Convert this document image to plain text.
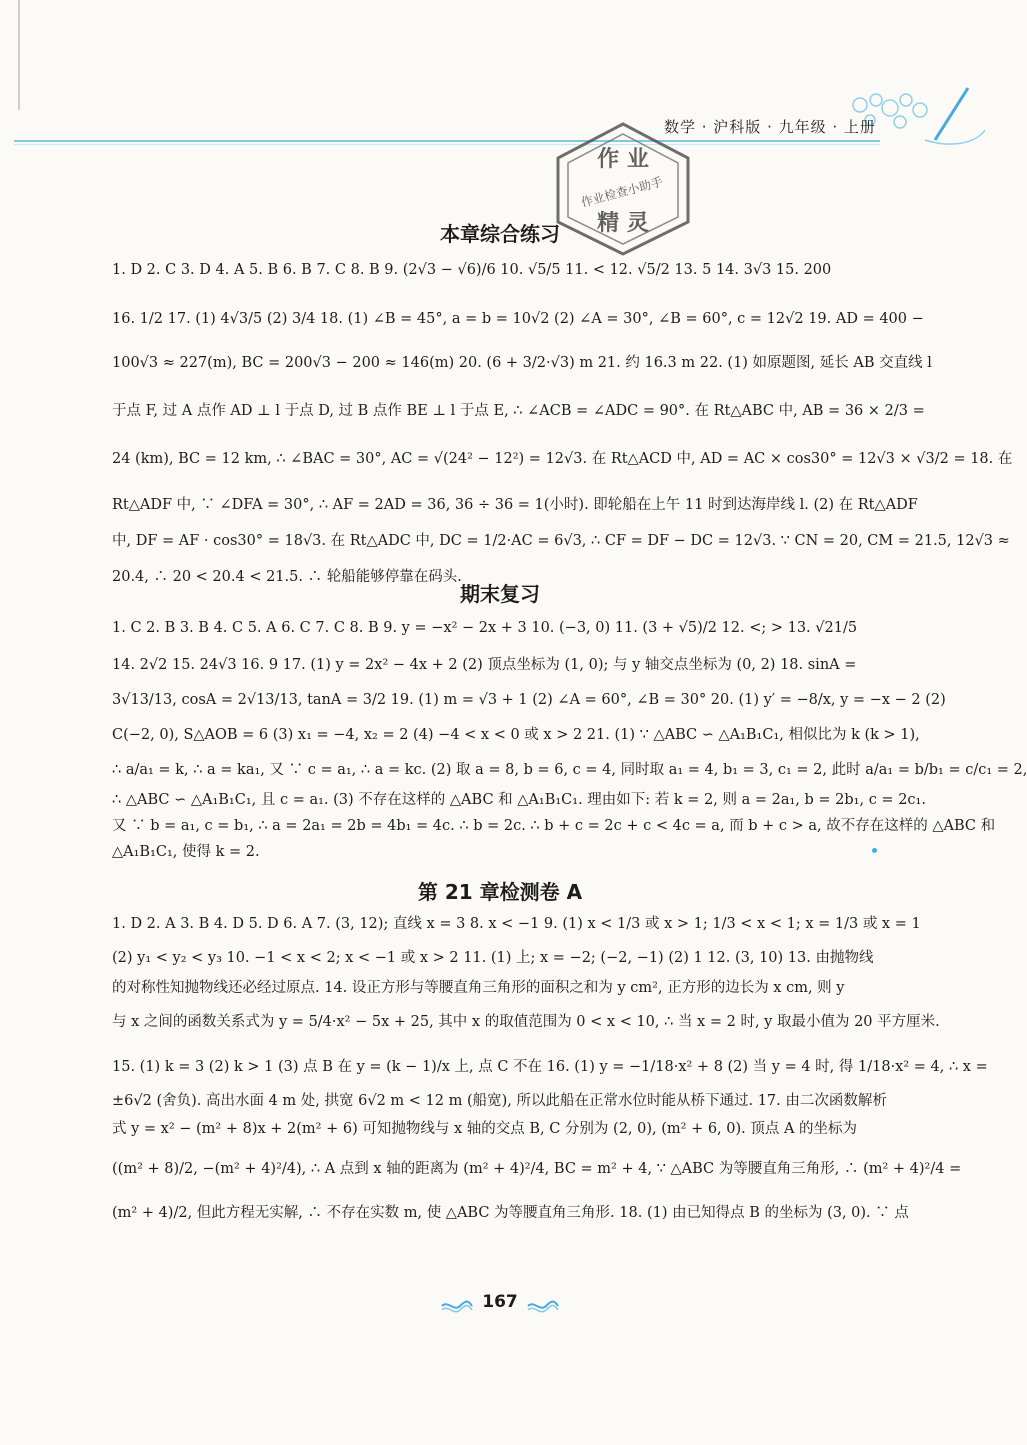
数学 · 沪科版 · 九年级 · 上册
作 业
作业检查小助手
精 灵
本章综合练习
1. D 2. C 3. D 4. A 5. B 6. B 7. C 8. B 9. (2√3 − √6)/6 10. √5/5 11. < 12. √5/2 13. 5 14. 3√3 15. 200
16. 1/2 17. (1) 4√3/5 (2) 3/4 18. (1) ∠B = 45°, a = b = 10√2 (2) ∠A = 30°, ∠B = 60°, c = 12√2 19. AD = 400 −
100√3 ≈ 227(m), BC = 200√3 − 200 ≈ 146(m) 20. (6 + 3/2·√3) m 21. 约 16.3 m 22. (1) 如原题图, 延长 AB 交直线 l
于点 F, 过 A 点作 AD ⊥ l 于点 D, 过 B 点作 BE ⊥ l 于点 E, ∴ ∠ACB = ∠ADC = 90°. 在 Rt△ABC 中, AB = 36 × 2/3 =
24 (km), BC = 12 km, ∴ ∠BAC = 30°, AC = √(24² − 12²) = 12√3. 在 Rt△ACD 中, AD = AC × cos30° = 12√3 × √3/2 = 18. 在
Rt△ADF 中, ∵ ∠DFA = 30°, ∴ AF = 2AD = 36, 36 ÷ 36 = 1(小时). 即轮船在上午 11 时到达海岸线 l. (2) 在 Rt△ADF
中, DF = AF · cos30° = 18√3. 在 Rt△ADC 中, DC = 1/2·AC = 6√3, ∴ CF = DF − DC = 12√3. ∵ CN = 20, CM = 21.5, 12√3 ≈
20.4, ∴ 20 < 20.4 < 21.5. ∴ 轮船能够停靠在码头.
期末复习
1. C 2. B 3. B 4. C 5. A 6. C 7. C 8. B 9. y = −x² − 2x + 3 10. (−3, 0) 11. (3 + √5)/2 12. <; > 13. √21/5
14. 2√2 15. 24√3 16. 9 17. (1) y = 2x² − 4x + 2 (2) 顶点坐标为 (1, 0); 与 y 轴交点坐标为 (0, 2) 18. sinA =
3√13/13, cosA = 2√13/13, tanA = 3/2 19. (1) m = √3 + 1 (2) ∠A = 60°, ∠B = 30° 20. (1) y′ = −8/x, y = −x − 2 (2)
C(−2, 0), S△AOB = 6 (3) x₁ = −4, x₂ = 2 (4) −4 < x < 0 或 x > 2 21. (1) ∵ △ABC ∽ △A₁B₁C₁, 相似比为 k (k > 1),
∴ a/a₁ = k, ∴ a = ka₁, 又 ∵ c = a₁, ∴ a = kc. (2) 取 a = 8, b = 6, c = 4, 同时取 a₁ = 4, b₁ = 3, c₁ = 2, 此时 a/a₁ = b/b₁ = c/c₁ = 2,
∴ △ABC ∽ △A₁B₁C₁, 且 c = a₁. (3) 不存在这样的 △ABC 和 △A₁B₁C₁. 理由如下: 若 k = 2, 则 a = 2a₁, b = 2b₁, c = 2c₁.
又 ∵ b = a₁, c = b₁, ∴ a = 2a₁ = 2b = 4b₁ = 4c. ∴ b = 2c. ∴ b + c = 2c + c < 4c = a, 而 b + c > a, 故不存在这样的 △ABC 和
△A₁B₁C₁, 使得 k = 2.
第 21 章检测卷 A
1. D 2. A 3. B 4. D 5. D 6. A 7. (3, 12); 直线 x = 3 8. x < −1 9. (1) x < 1/3 或 x > 1; 1/3 < x < 1; x = 1/3 或 x = 1
(2) y₁ < y₂ < y₃ 10. −1 < x < 2; x < −1 或 x > 2 11. (1) 上; x = −2; (−2, −1) (2) 1 12. (3, 10) 13. 由抛物线
的对称性知抛物线还必经过原点. 14. 设正方形与等腰直角三角形的面积之和为 y cm², 正方形的边长为 x cm, 则 y
与 x 之间的函数关系式为 y = 5/4·x² − 5x + 25, 其中 x 的取值范围为 0 < x < 10, ∴ 当 x = 2 时, y 取最小值为 20 平方厘米.
15. (1) k = 3 (2) k > 1 (3) 点 B 在 y = (k − 1)/x 上, 点 C 不在 16. (1) y = −1/18·x² + 8 (2) 当 y = 4 时, 得 1/18·x² = 4, ∴ x =
±6√2 (舍负). 高出水面 4 m 处, 拱宽 6√2 m < 12 m (船宽), 所以此船在正常水位时能从桥下通过. 17. 由二次函数解析
式 y = x² − (m² + 8)x + 2(m² + 6) 可知抛物线与 x 轴的交点 B, C 分别为 (2, 0), (m² + 6, 0). 顶点 A 的坐标为
((m² + 8)/2, −(m² + 4)²/4), ∴ A 点到 x 轴的距离为 (m² + 4)²/4, BC = m² + 4, ∵ △ABC 为等腰直角三角形, ∴ (m² + 4)²/4 =
(m² + 4)/2, 但此方程无实解, ∴ 不存在实数 m, 使 △ABC 为等腰直角三角形. 18. (1) 由已知得点 B 的坐标为 (3, 0). ∵ 点
167
